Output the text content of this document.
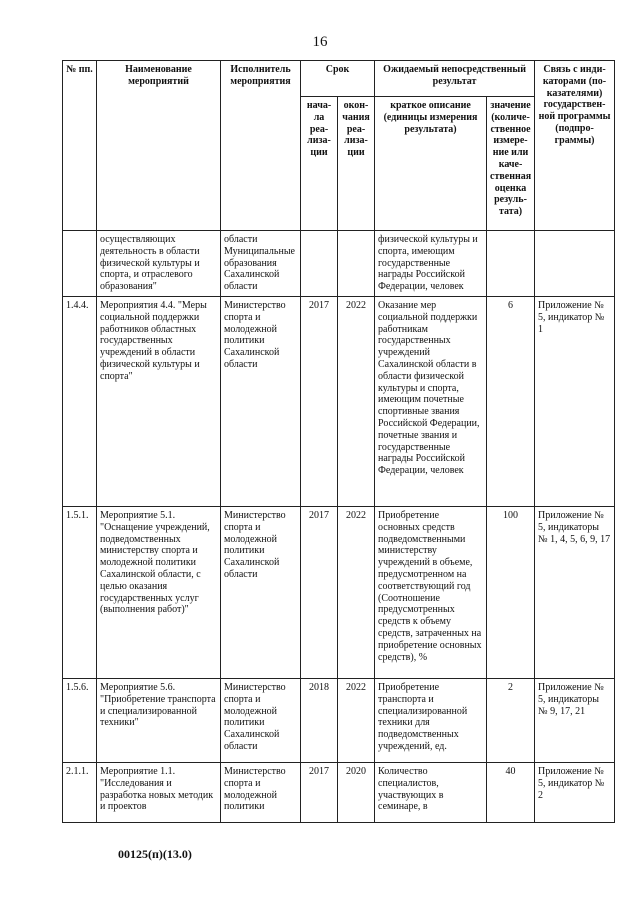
16
№ пп.	Наименование мероприятий	Исполнитель мероприятия	Срок		Ожидаемый непосредственный результат		Связь с инди-каторами (по-казателями) государствен-ной программы (подпро-граммы)
			нача-ла реа-лиза-ции	окон-чания реа-лиза-ции	краткое описание (единицы измерения результата)	значение (количе-ственное измере-ние или каче-ственная оценка резуль-тата)	
	осуществляющих деятельность в области физической культуры и спорта, и отраслевого образования"	области Муниципальные образования Сахалинской области			физической культуры и спорта, имеющим государственные награды Российской Федерации, человек		
1.4.4.	Мероприятия 4.4. "Меры социальной поддержки работников областных государственных учреждений в области физической культуры и спорта"	Министерство спорта и молодежной политики Сахалинской области	2017	2022	Оказание мер социальной поддержки работникам государственных учреждений Сахалинской области в области физической культуры и спорта, имеющим почетные спортивные звания Российской Федерации, почетные звания и государственные награды Российской Федерации, человек	6	Приложение № 5, индикатор № 1
1.5.1.	Мероприятие 5.1. "Оснащение учреждений, подведомственных министерству спорта и молодежной политики Сахалинской области, с целью оказания государственных услуг (выполнения работ)"	Министерство спорта и молодежной политики Сахалинской области	2017	2022	Приобретение основных средств подведомственными министерству учреждений в объеме, предусмотренном на соответствующий год (Соотношение предусмотренных средств к объему средств, затраченных на приобретение основных средств), %	100	Приложение № 5, индикаторы № 1, 4, 5, 6, 9, 17
1.5.6.	Мероприятие 5.6. "Приобретение транспорта и специализированной техники"	Министерство спорта и молодежной политики Сахалинской области	2018	2022	Приобретение транспорта и специализированной техники для подведомственных учреждений, ед.	2	Приложение № 5, индикаторы № 9, 17, 21
2.1.1.	Мероприятие 1.1. "Исследования и разработка новых методик и проектов	Министерство спорта и молодежной политики	2017	2020	Количество специалистов, участвующих в семинаре, в	40	Приложение № 5, индикатор № 2
00125(п)(13.0)
